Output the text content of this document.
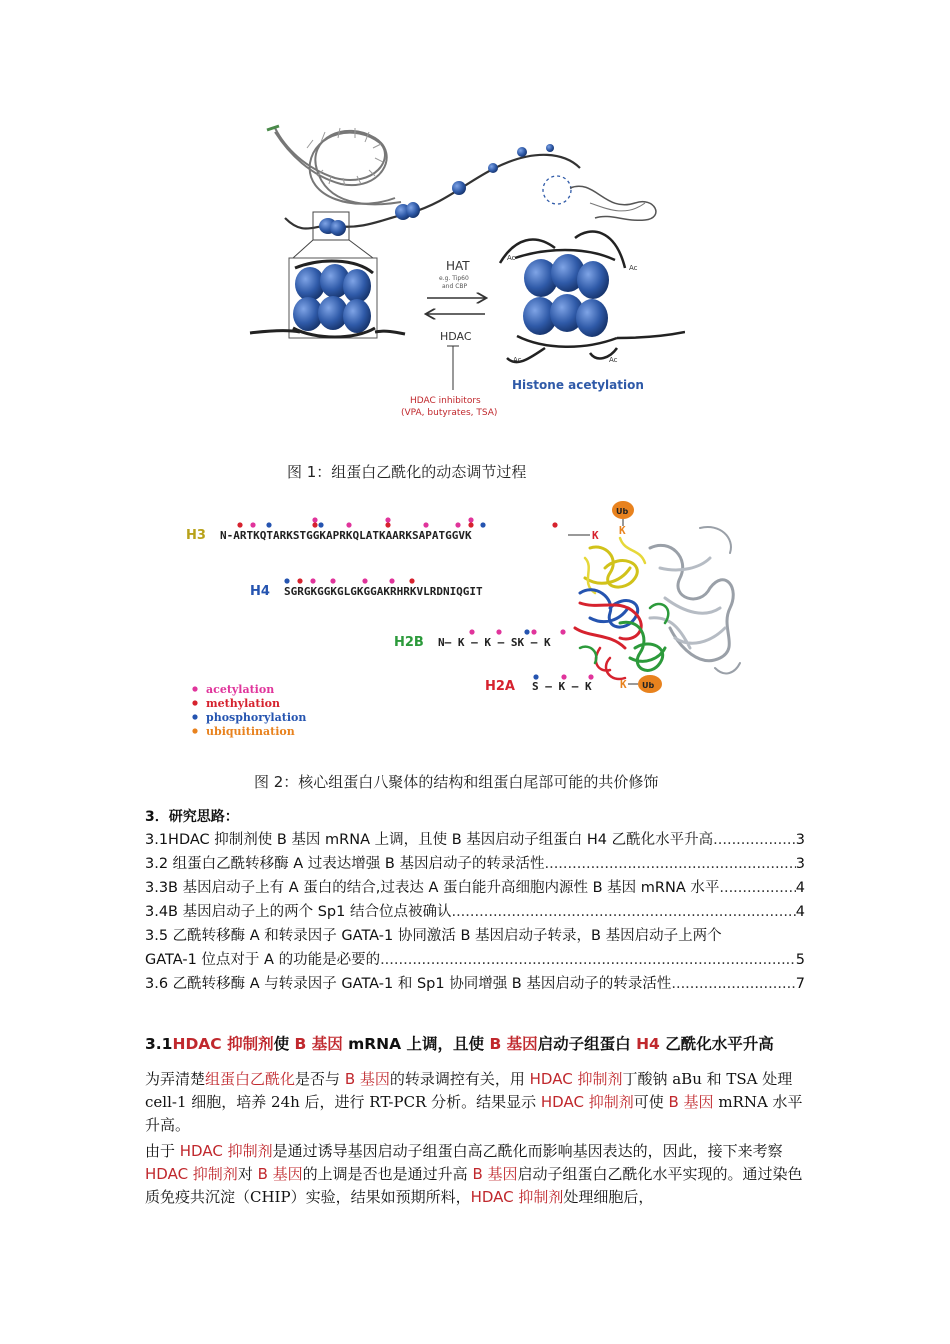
HAT
e.g. Tip60
and CBP
HDAC
HDAC inhibitors
(VPA, butyrates, TSA)
Ac
Ac
Ac	Ac
Histone acetylation
图 1：组蛋白乙酰化的动态调节过程
H3 N-ARTKQTARKSTGGKAPRKQLATKAARKSAPATGGVK	K
Ub
K
H4 SGRGKGGKGLGKGGAKRHRKVLRDNIQGIT
H2B N— K — K — SK — K
H2A S — K — K	K Ub
acetylation
methylation
phosphorylation
ubiquitination
图 2：核心组蛋白八聚体的结构和组蛋白尾部可能的共价修饰
3．研究思路：
3.1HDAC 抑制剂使 B 基因 mRNA 上调，且使 B 基因启动子组蛋白 H4 乙酰化水平升高 .....	3
3.2 组蛋白乙酰转移酶 A 过表达增强 B 基因启动子的转录活性 .....	3
3.3B 基因启动子上有 A 蛋白的结合,过表达 A 蛋白能升高细胞内源性 B 基因 mRNA 水平 .....	4
3.4B 基因启动子上的两个 Sp1 结合位点被确认 .....	4
3.5 乙酰转移酶 A 和转录因子 GATA-1 协同激活 B 基因启动子转录，B 基因启动子上两个
GATA-1 位点对于 A 的功能是必要的 .....	5
3.6 乙酰转移酶 A 与转录因子 GATA-1 和 Sp1 协同增强 B 基因启动子的转录活性 .....	7
3.1HDAC 抑制剂使 B 基因 mRNA 上调，且使 B 基因启动子组蛋白 H4 乙酰化水平升高
为弄清楚组蛋白乙酰化是否与 B 基因的转录调控有关，用 HDAC 抑制剂丁酸钠 aBu 和 TSA 处理 cell-1 细胞，培养 24h 后，进行 RT-PCR 分析。结果显示 HDAC 抑制剂可使 B 基因 mRNA 水平升高。
由于 HDAC 抑制剂是通过诱导基因启动子组蛋白高乙酰化而影响基因表达的，因此，接下来考察 HDAC 抑制剂对 B 基因的上调是否也是通过升高 B 基因启动子组蛋白乙酰化水平实现的。通过染色质免疫共沉淀（CHIP）实验，结果如预期所料，HDAC 抑制剂处理细胞后，
